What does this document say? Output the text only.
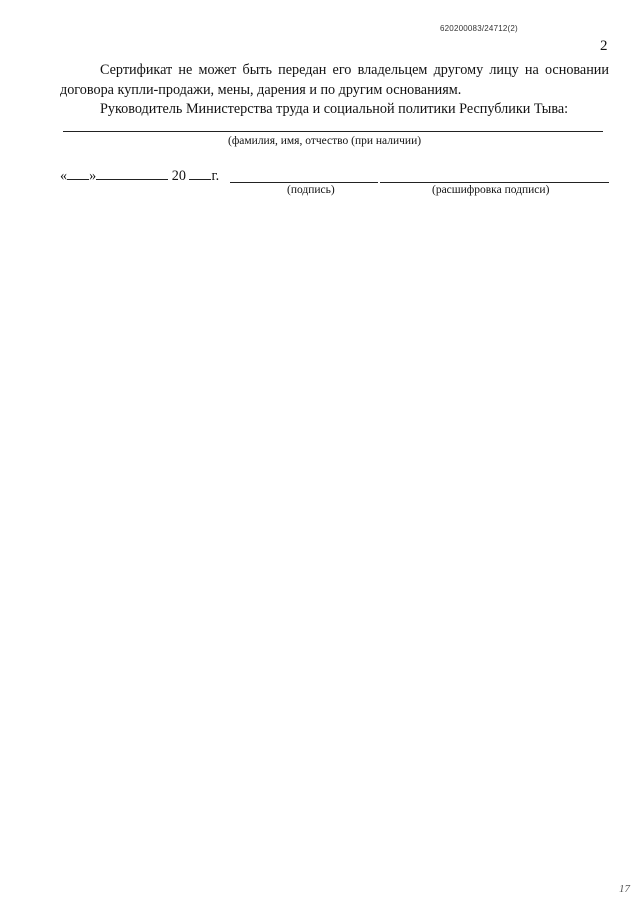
620200083/24712(2)
2

Сертификат не может быть передан его владельцем другому лицу на основании договора купли-продажи, мены, дарения и по другим основаниям.

Руководитель Министерства труда и социальной политики Республики Тыва:

(фамилия, имя, отчество (при наличии)
« »	20 г.
(подпись)	(расшифровка подписи)
17
